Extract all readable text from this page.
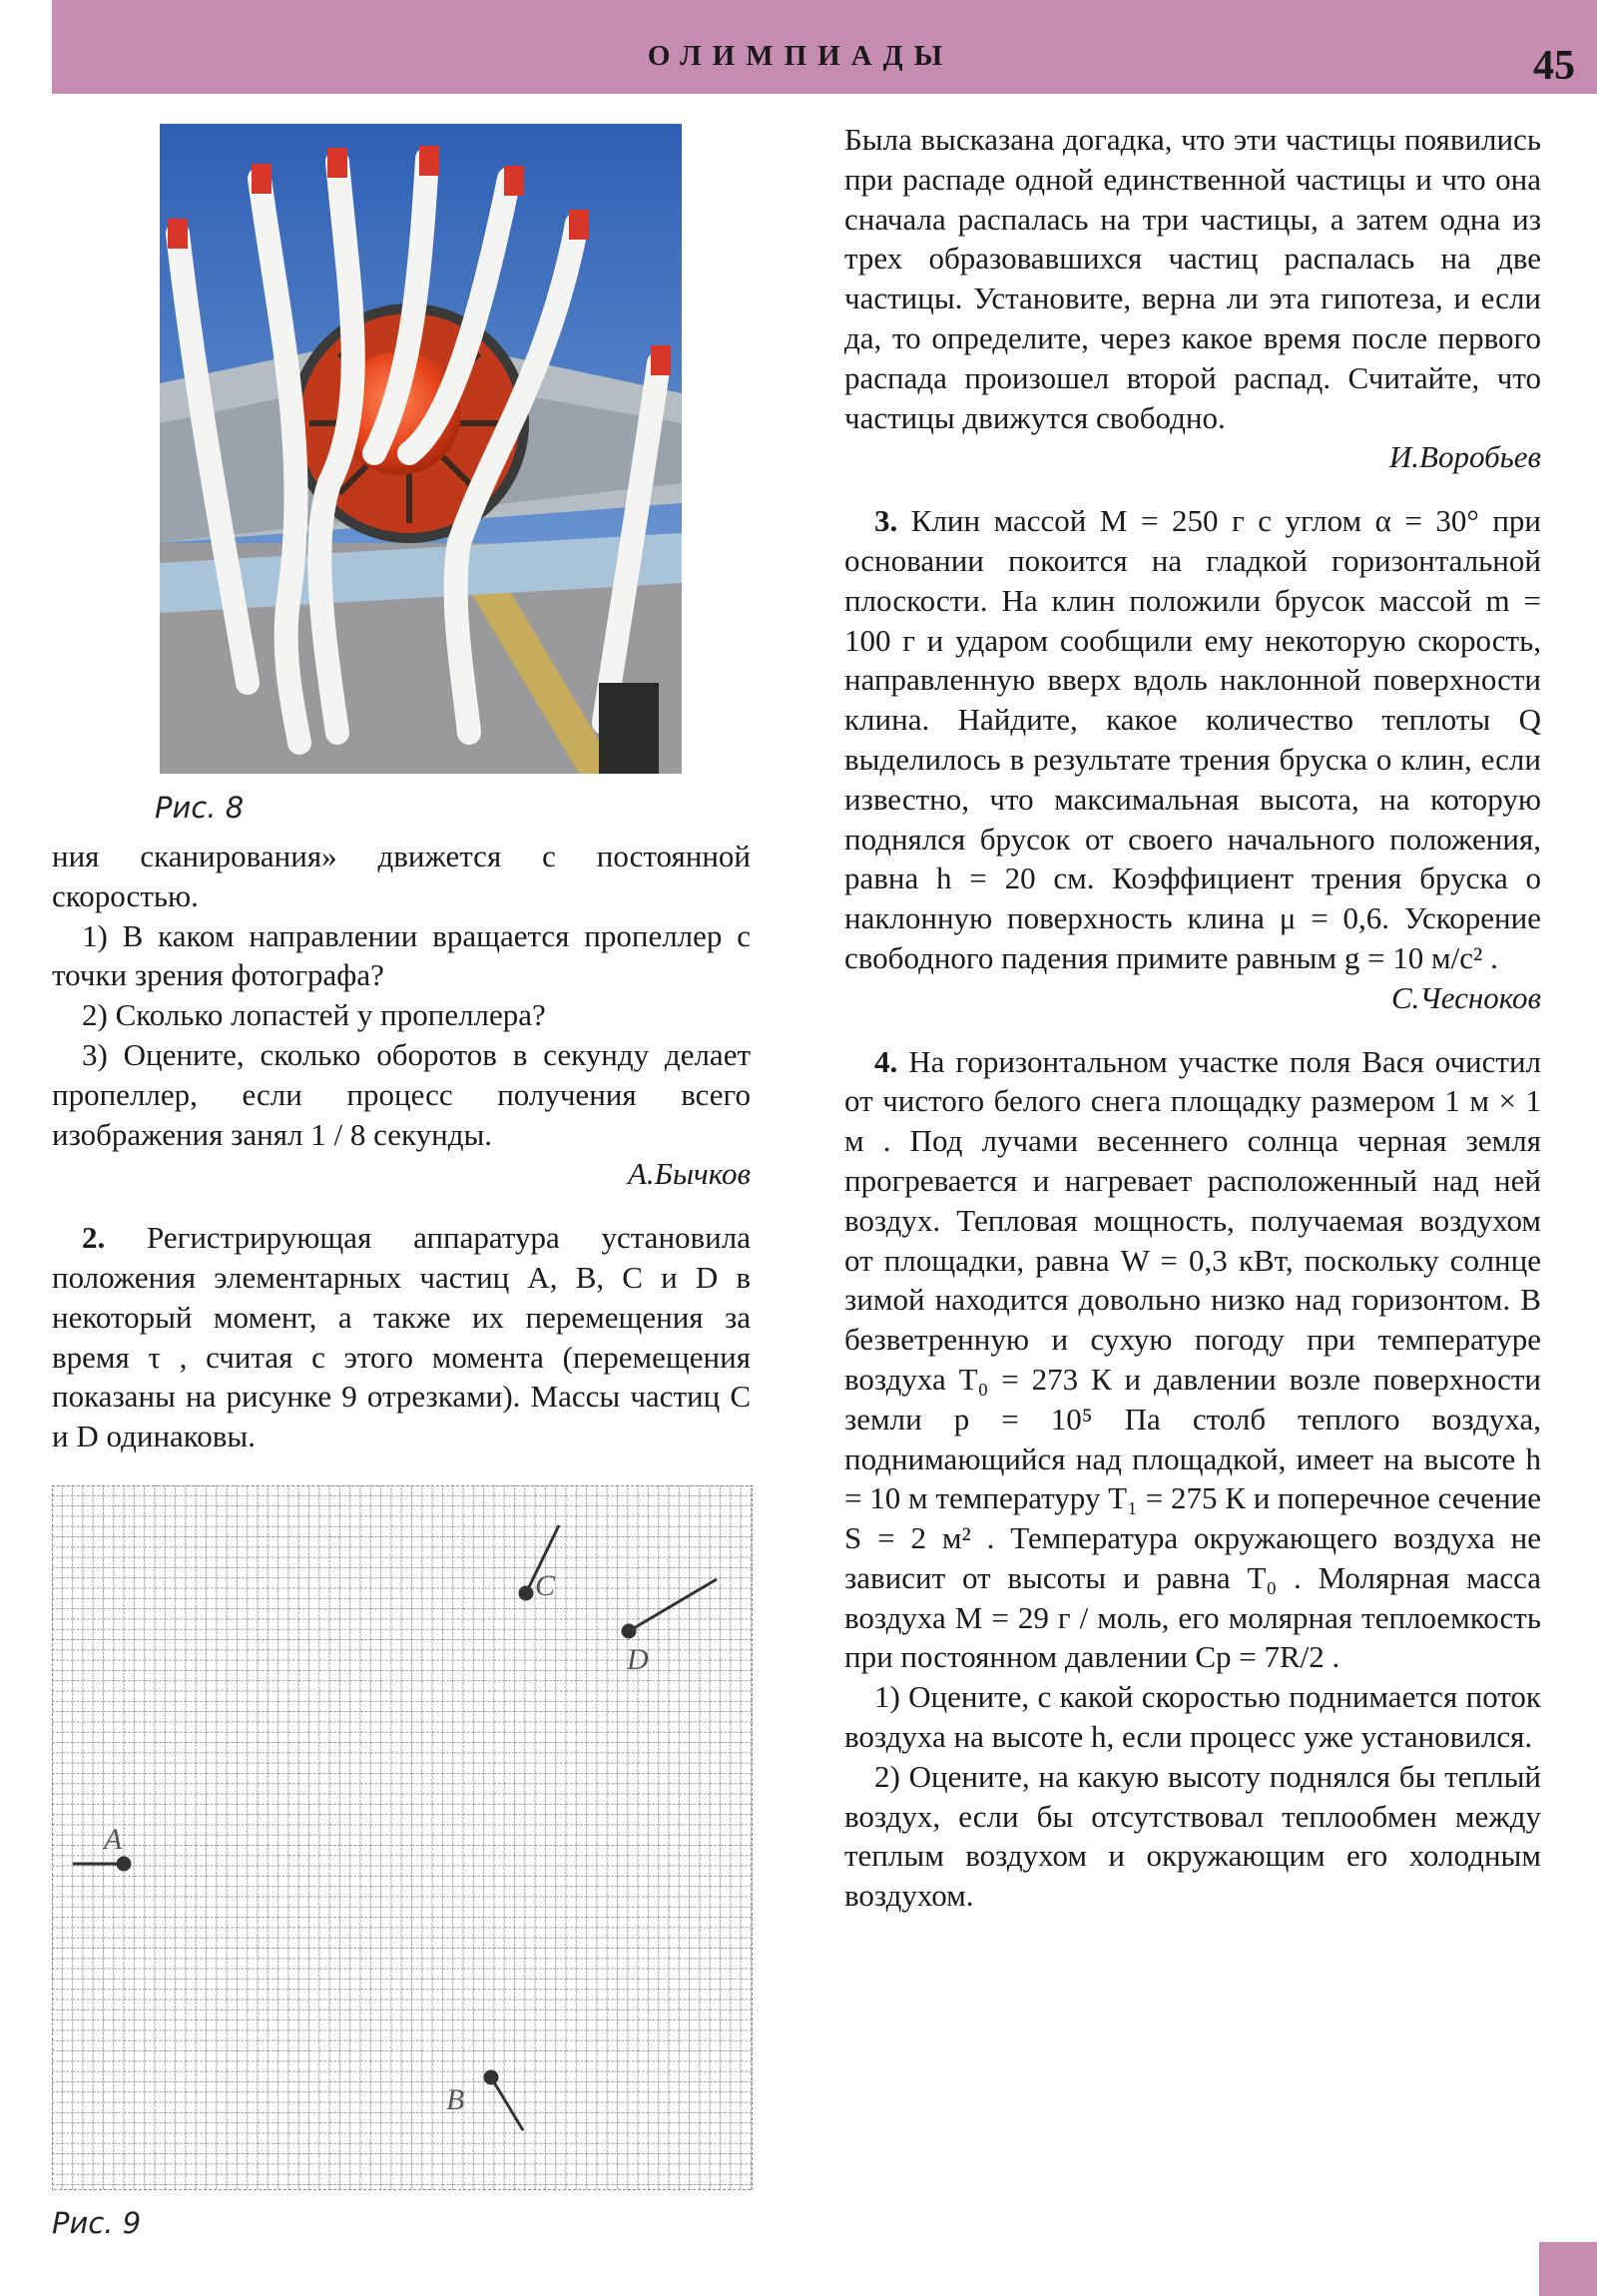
ОЛИМПИАДЫ	45
Рис. 8

ния сканирования» движется с постоянной скоростью.

1) В каком направлении вращается пропеллер с точки зрения фотографа?

2) Сколько лопастей у пропеллера?

3) Оцените, сколько оборотов в секунду делает пропеллер, если процесс получения всего изображения занял 1 / 8 секунды.

А.Бычков

2. Регистрирующая аппаратура установила положения элементарных частиц A, B, C и D в некоторый момент, а также их перемещения за время τ , считая с этого момента (перемещения показаны на рисунке 9 отрезками). Массы частиц C и D одинаковы.

C
D
A
B
Рис. 9

Была высказана догадка, что эти частицы появились при распаде одной единственной частицы и что она сначала распалась на три частицы, а затем одна из трех образовавшихся частиц распалась на две частицы. Установите, верна ли эта гипотеза, и если да, то определите, через какое время после первого распада произошел второй распад. Считайте, что частицы движутся свободно.

И.Воробьев

3. Клин массой M = 250 г с углом α = 30° при основании покоится на гладкой горизонтальной плоскости. На клин положили брусок массой m = 100 г и ударом сообщили ему некоторую скорость, направленную вверх вдоль наклонной поверхности клина. Найдите, какое количество теплоты Q выделилось в результате трения бруска о клин, если известно, что максимальная высота, на которую поднялся брусок от своего начального положения, равна h = 20 см. Коэффициент трения бруска о наклонную поверхность клина μ = 0,6. Ускорение свободного падения примите равным g = 10 м/с² .

С.Чесноков

4. На горизонтальном участке поля Вася очистил от чистого белого снега площадку размером 1 м × 1 м . Под лучами весеннего солнца черная земля прогревается и нагревает расположенный над ней воздух. Тепловая мощность, получаемая воздухом от площадки, равна W = 0,3 кВт, поскольку солнце зимой находится довольно низко над горизонтом. В безветренную и сухую погоду при температуре воздуха T₀ = 273 К и давлении возле поверхности земли p = 10⁵ Па столб теплого воздуха, поднимающийся над площадкой, имеет на высоте h = 10 м температуру T₁ = 275 К и поперечное сечение S = 2 м² . Температура окружающего воздуха не зависит от высоты и равна T₀ . Молярная масса воздуха M = 29 г / моль, его молярная теплоемкость при постоянном давлении Cp = 7R/2 .

1) Оцените, с какой скоростью поднимается поток воздуха на высоте h, если процесс уже установился.

2) Оцените, на какую высоту поднялся бы теплый воздух, если бы отсутствовал теплообмен между теплым воздухом и окружающим его холодным воздухом.
